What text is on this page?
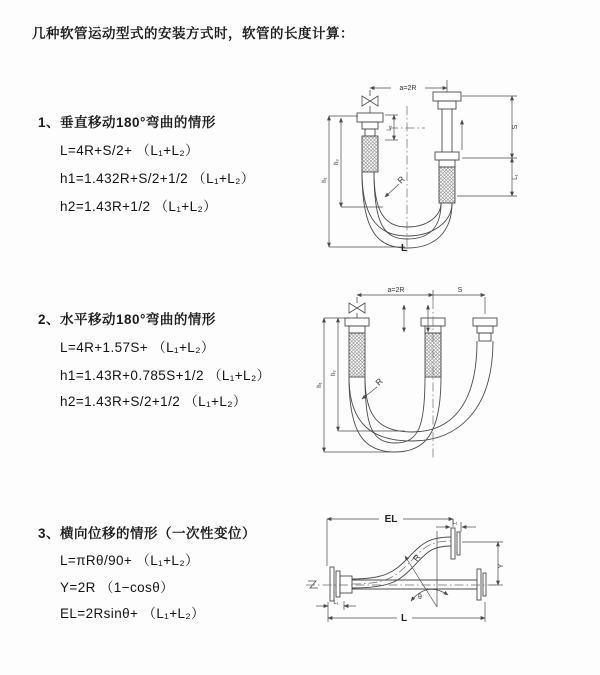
几种软管运动型式的安装方式时，软管的长度计算：
1、垂直移动180°弯曲的情形
L=4R+S/2+ （L₁+L₂）
h1=1.432R+S/2+1/2 （L₁+L₂）
h2=1.43R+1/2 （L₁+L₂）
2、水平移动180°弯曲的情形
L=4R+1.57S+ （L₁+L₂）
h1=1.43R+0.785S+1/2 （L₁+L₂）
h2=1.43R+S/2+1/2 （L₁+L₂）
3、横向位移的情形（一次性变位）
L=πRθ/90+ （L₁+L₂）
Y=2R （1−cosθ）
EL=2Rsinθ+ （L₁+L₂）
a=2R
L₁	S
L₁
h₁
h₂
R
L
a=2R	S
h₁
h₂
R
EL	L₁
Y
L
L₁
R
θ
